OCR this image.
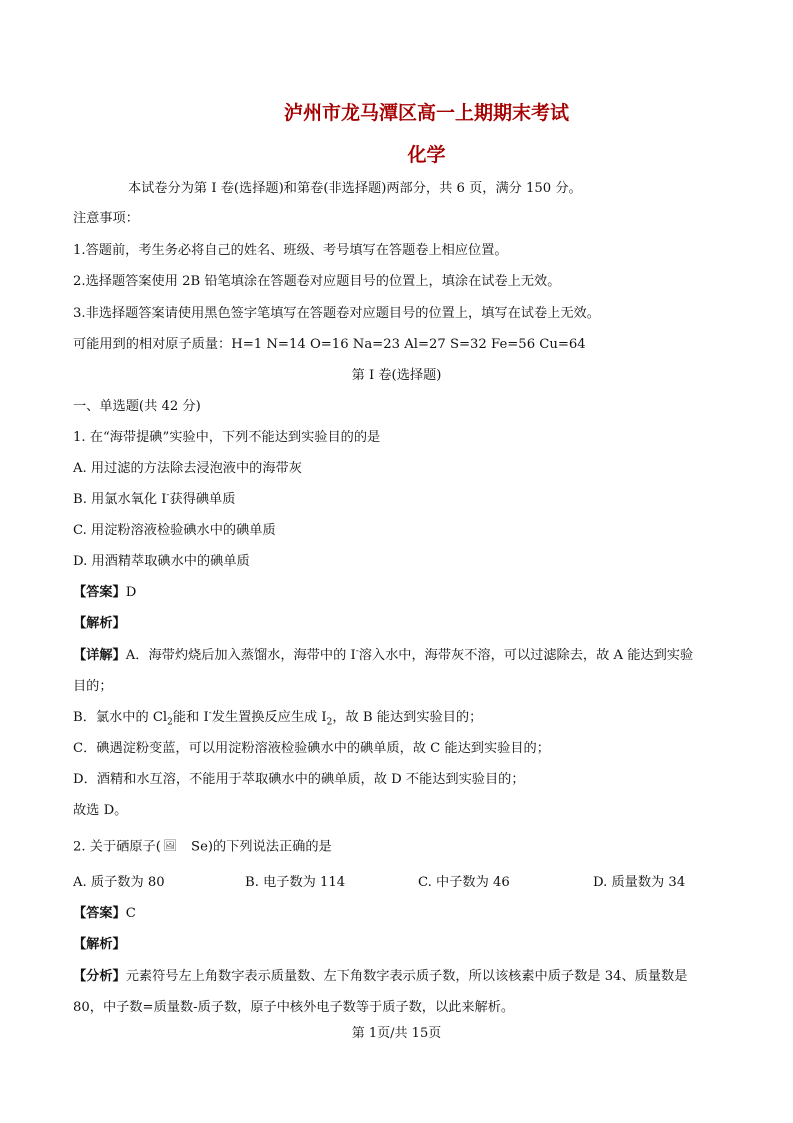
泸州市龙马潭区高一上期期末考试
化学
本试卷分为第 I 卷(选择题)和第卷(非选择题)两部分，共 6 页，满分 150 分。
注意事项：
1.答题前，考生务必将自己的姓名、班级、考号填写在答题卷上相应位置。
2.选择题答案使用 2B 铅笔填涂在答题卷对应题目号的位置上，填涂在试卷上无效。
3.非选择题答案请使用黑色签字笔填写在答题卷对应题目号的位置上，填写在试卷上无效。
可能用到的相对原子质量：H=1 N=14 O=16 Na=23 Al=27 S=32 Fe=56 Cu=64
第 I 卷(选择题)
一、单选题(共 42 分)
1. 在“海带提碘”实验中，下列不能达到实验目的的是
A. 用过滤的方法除去浸泡液中的海带灰
B. 用氯水氧化 I-获得碘单质
C. 用淀粉溶液检验碘水中的碘单质
D. 用酒精萃取碘水中的碘单质
【答案】D
【解析】
【详解】A．海带灼烧后加入蒸馏水，海带中的 I-溶入水中，海带灰不溶，可以过滤除去，故 A 能达到实验
目的；
B．氯水中的 $Cl_2$能和 I-发生置换反应生成 $I_2$，故 B 能达到实验目的；
C．碘遇淀粉变蓝，可以用淀粉溶液检验碘水中的碘单质，故 C 能达到实验目的；
D．酒精和水互溶，不能用于萃取碘水中的碘单质，故 D 不能达到实验目的；
故选 D。
2. 关于硒原子( 🖼 Se)的下列说法正确的是
A. 质子数为 80	B. 电子数为 114	C. 中子数为 46	D. 质量数为 34
【答案】C
【解析】
【分析】元素符号左上角数字表示质量数、左下角数字表示质子数，所以该核素中质子数是 34、质量数是
80，中子数=质量数-质子数，原子中核外电子数等于质子数，以此来解析。
第 1页/共 15页
